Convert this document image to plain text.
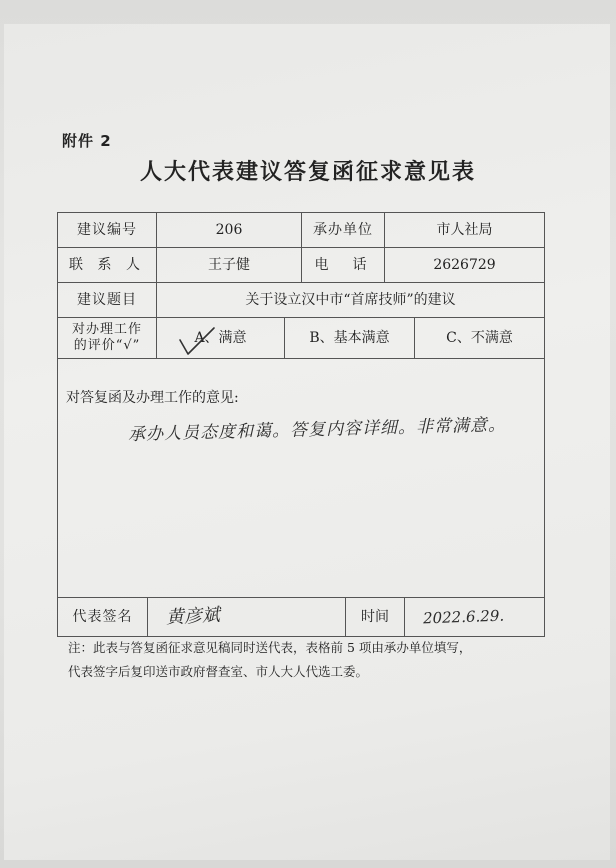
附件 2
人大代表建议答复函征求意见表
建议编号	206	承办单位	市人社局
联 系 人	王子健	电  话	2626729
建议题目	关于设立汉中市“首席技师”的建议
对办理工作
的评价“√”	A、满意	B、基本满意	C、不满意
对答复函及办理工作的意见:
承办人员态度和蔼。答复内容详细。非常满意。
代表签名	黄彦斌	时间	2022.6.29.
注：此表与答复函征求意见稿同时送代表，表格前 5 项由承办单位填写，
代表签字后复印送市政府督查室、市人大人代选工委。
